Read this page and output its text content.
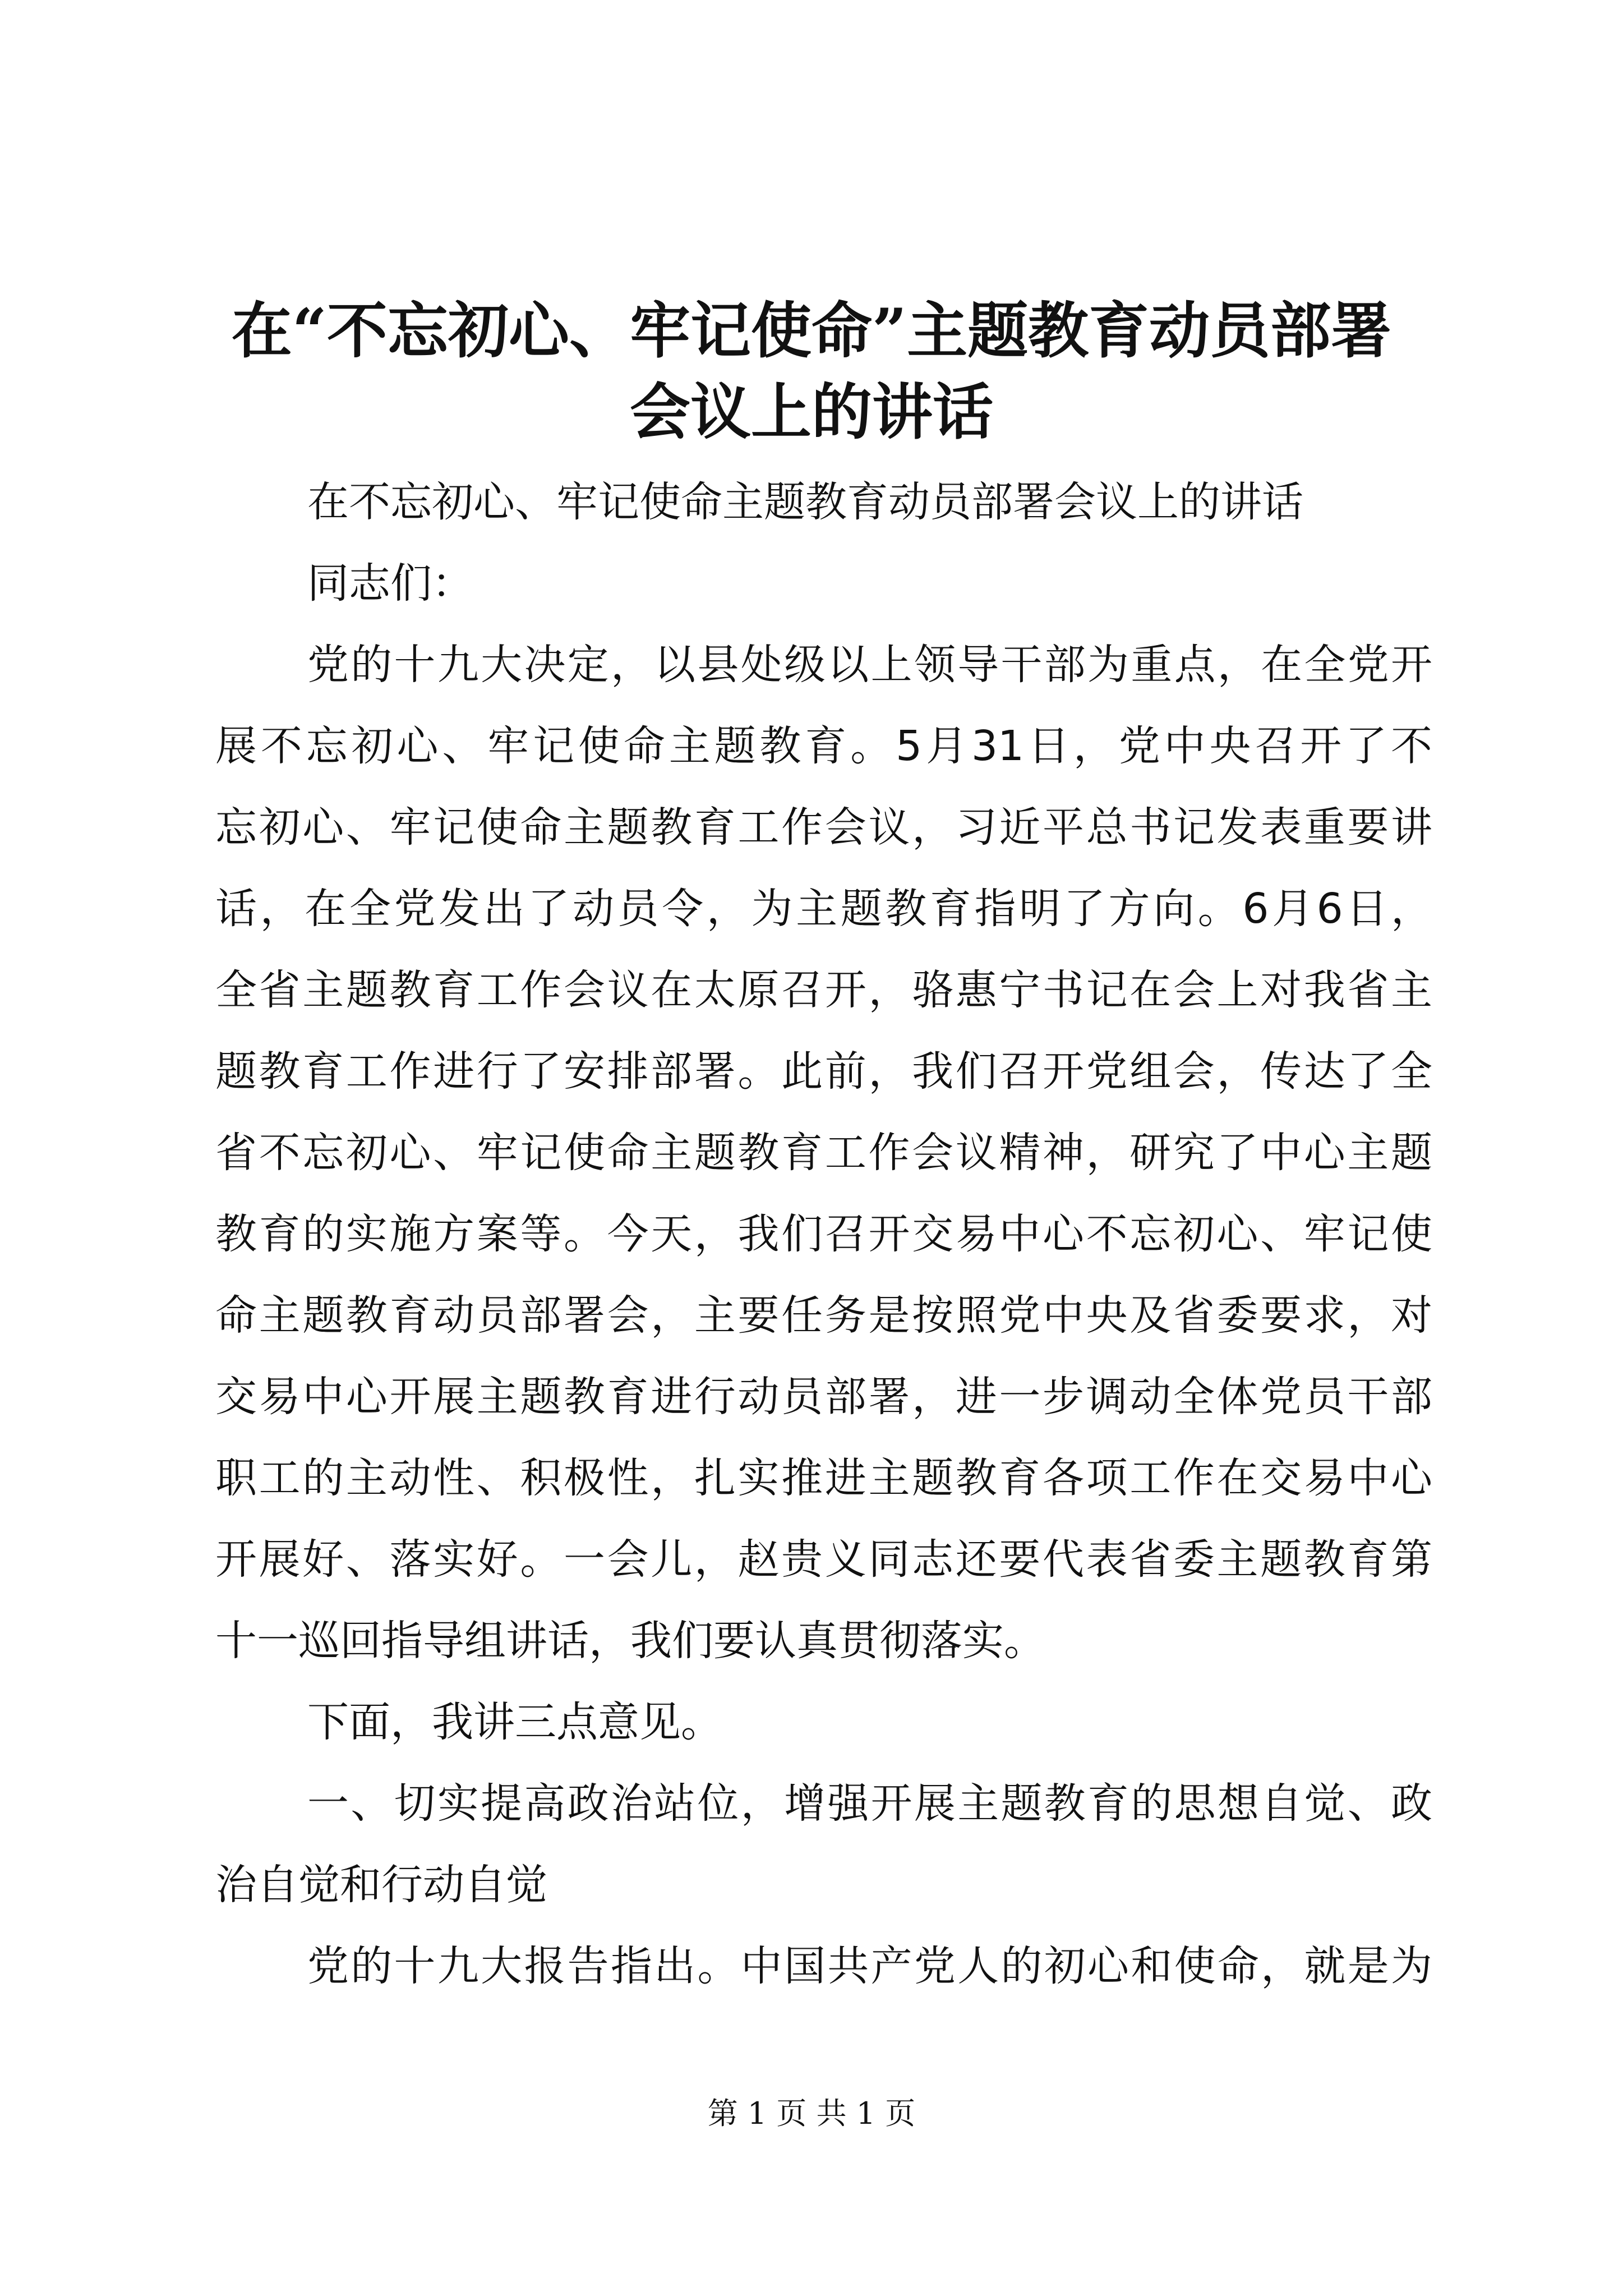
在“不忘初心、牢记使命”主题教育动员部署
会议上的讲话
在不忘初心、牢记使命主题教育动员部署会议上的讲话
同志们：
党的十九大决定，以县处级以上领导干部为重点，在全党开
展不忘初心、牢记使命主题教育。5月31日，党中央召开了不
忘初心、牢记使命主题教育工作会议，习近平总书记发表重要讲
话，在全党发出了动员令，为主题教育指明了方向。6月6日，
全省主题教育工作会议在太原召开，骆惠宁书记在会上对我省主
题教育工作进行了安排部署。此前，我们召开党组会，传达了全
省不忘初心、牢记使命主题教育工作会议精神，研究了中心主题
教育的实施方案等。今天，我们召开交易中心不忘初心、牢记使
命主题教育动员部署会，主要任务是按照党中央及省委要求，对
交易中心开展主题教育进行动员部署，进一步调动全体党员干部
职工的主动性、积极性，扎实推进主题教育各项工作在交易中心
开展好、落实好。一会儿，赵贵义同志还要代表省委主题教育第
十一巡回指导组讲话，我们要认真贯彻落实。
下面，我讲三点意见。
一、切实提高政治站位，增强开展主题教育的思想自觉、政
治自觉和行动自觉
党的十九大报告指出。中国共产党人的初心和使命，就是为
第 1 页 共 1 页
